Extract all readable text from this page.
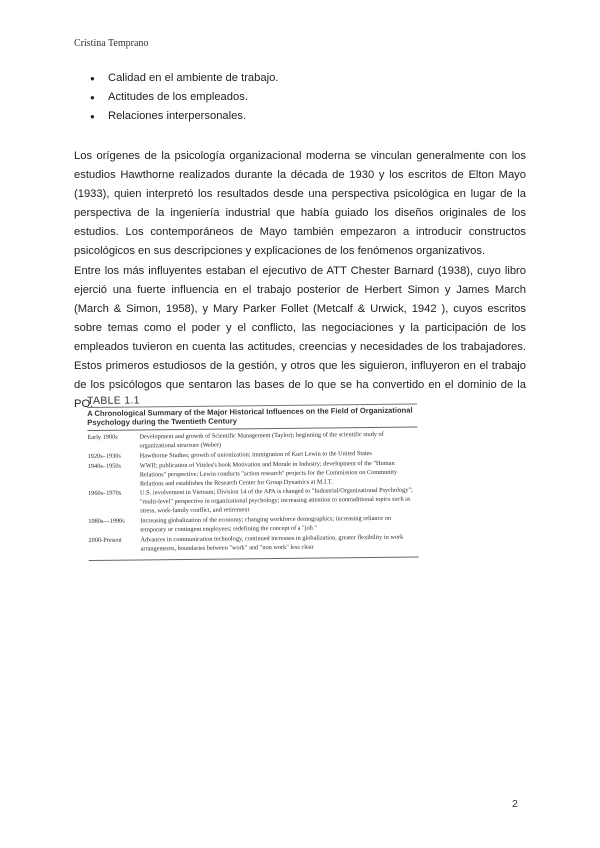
Cristina Temprano
● Calidad en el ambiente de trabajo.
● Actitudes de los empleados.
● Relaciones interpersonales.

Los orígenes de la psicología organizacional moderna se vinculan generalmente con los estudios Hawthorne realizados durante la década de 1930 y los escritos de Elton Mayo (1933), quien interpretó los resultados desde una perspectiva psicológica en lugar de la perspectiva de la ingeniería industrial que había guiado los diseños originales de los estudios. Los contemporáneos de Mayo también empezaron a introducir constructos psicológicos en sus descripciones y explicaciones de los fenómenos organizativos.

Entre los más influyentes estaban el ejecutivo de ATT Chester Barnard (1938), cuyo libro ejerció una fuerte influencia en el trabajo posterior de Herbert Simon y James March (March & Simon, 1958), y Mary Parker Follet (Metcalf & Urwick, 1942 ), cuyos escritos sobre temas como el poder y el conflicto, las negociaciones y la participación de los empleados tuvieron en cuenta las actitudes, creencias y necesidades de los trabajadores. Estos primeros estudiosos de la gestión, y otros que les siguieron, influyeron en el trabajo de los psicólogos que sentaron las bases de lo que se ha convertido en el dominio de la PO.

TABLE 1.1
A Chronological Summary of the Major Historical Influences on the Field of Organizational Psychology during the Twentieth Century
Early 1900s	Development and growth of Scientific Management (Taylor); beginning of the scientific study of organizational structure (Weber)
1920s–1930s	Hawthorne Studies; growth of unionization; immigration of Kurt Lewin to the United States
1940s–1950s	WWII; publication of Viteles's book Motivation and Morale in Industry; development of the "Human Relations" perspective; Lewin conducts "action research" projects for the Commission on Community Relations and establishes the Research Center for Group Dynamics at M.I.T.
1960s–1970s	U.S. involvement in Vietnam; Division 14 of the APA is changed to "Industrial/Organizational Psychology"; "multi-level" perspective in organizational psychology; increasing attention to nontraditional topics such as stress, work-family conflict, and retirement
1980s—1990s	Increasing globalization of the economy; changing workforce demographics; increasing reliance on temporary or contingent employees; redefining the concept of a "job."
2000-Present	Advances in communication technology, continued increases in globalization, greater flexibility in work arrangements, boundaries between "work" and "non work" less clear
2
